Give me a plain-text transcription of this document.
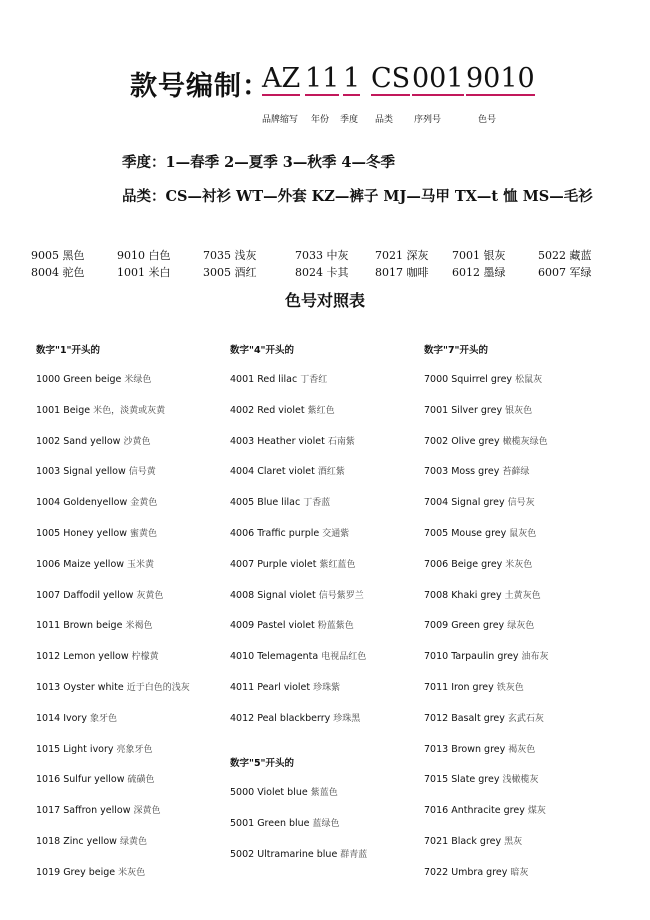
款号编制：
AZ 11 1 CS 001 9010
品牌缩写 年份 季度 品类 序列号	色号
季度：1—春季 2—夏季 3—秋季 4—冬季
品类：CS—衬衫 WT—外套 KZ—裤子 MJ—马甲 TX—t 恤 MS—毛衫
9005 黑色	9010 白色	7035 浅灰	7033 中灰 7021 深灰 7001 银灰	5022 藏蓝
8004 驼色	1001 米白	3005 酒红	8024 卡其 8017 咖啡 6012 墨绿	6007 军绿
色号对照表
数字"1"开头的
1000 Green beige 米绿色
1001 Beige 米色，淡黄或灰黄
1002 Sand yellow 沙黄色
1003 Signal yellow 信号黄
1004 Goldenyellow 金黄色
1005 Honey yellow 蜜黄色
1006 Maize yellow 玉米黄
1007 Daffodil yellow 灰黄色
1011 Brown beige 米褐色
1012 Lemon yellow 柠檬黄
1013 Oyster white 近于白色的浅灰
1014 Ivory 象牙色
1015 Light ivory 亮象牙色
1016 Sulfur yellow 硫磺色
1017 Saffron yellow 深黄色
1018 Zinc yellow 绿黄色
1019 Grey beige 米灰色
数字"4"开头的
4001 Red lilac 丁香红
4002 Red violet 紫红色
4003 Heather violet 石南紫
4004 Claret violet 酒红紫
4005 Blue lilac 丁香蓝
4006 Traffic purple 交通紫
4007 Purple violet 紫红蓝色
4008 Signal violet 信号紫罗兰
4009 Pastel violet 粉蓝紫色
4010 Telemagenta 电视品红色
4011 Pearl violet 珍珠紫
4012 Peal blackberry 珍珠黑
数字"5"开头的
5000 Violet blue 紫蓝色
5001 Green blue 蓝绿色
5002 Ultramarine blue 群青蓝
数字"7"开头的
7000 Squirrel grey 松鼠灰
7001 Silver grey 银灰色
7002 Olive grey 橄榄灰绿色
7003 Moss grey 苔藓绿
7004 Signal grey 信号灰
7005 Mouse grey 鼠灰色
7006 Beige grey 米灰色
7008 Khaki grey 土黄灰色
7009 Green grey 绿灰色
7010 Tarpaulin grey 油布灰
7011 Iron grey 铁灰色
7012 Basalt grey 玄武石灰
7013 Brown grey 褐灰色
7015 Slate grey 浅橄榄灰
7016 Anthracite grey 煤灰
7021 Black grey 黑灰
7022 Umbra grey 暗灰
